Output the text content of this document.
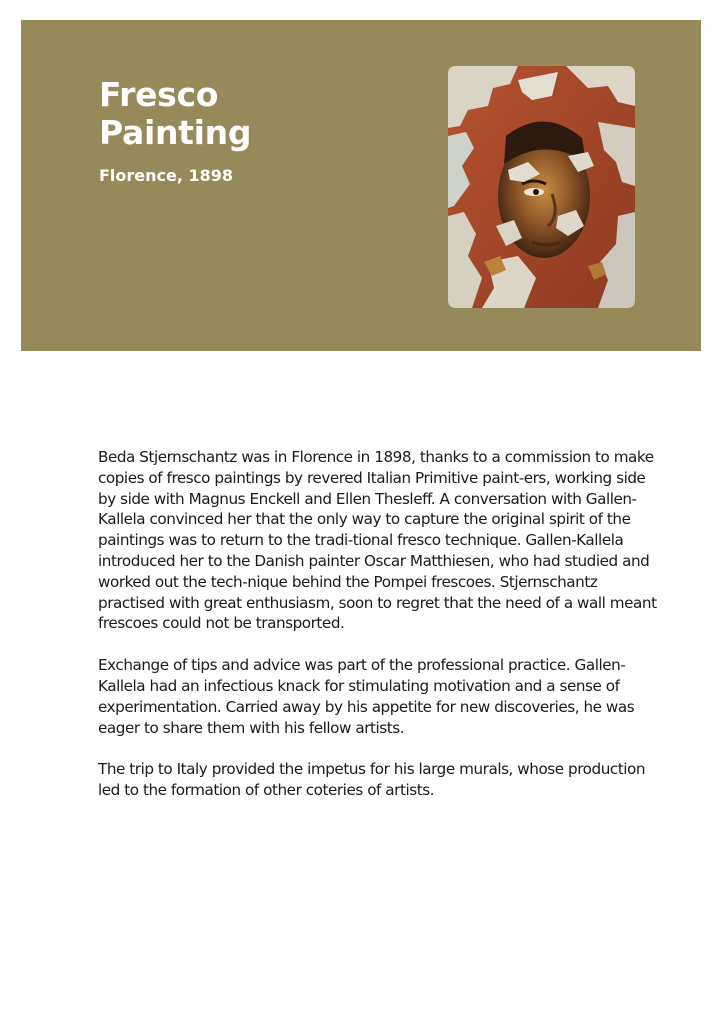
Fresco
Painting
Florence, 1898

Beda Stjernschantz was in Florence in 1898, thanks to a commission to make copies of fresco paintings by revered Italian Primitive paint-ers, working side by side with Magnus Enckell and Ellen Thesleff. A conversation with Gallen-Kallela convinced her that the only way to capture the original spirit of the paintings was to return to the tradi-tional fresco technique. Gallen-Kallela introduced her to the Danish painter Oscar Matthiesen, who had studied and worked out the tech-nique behind the Pompei frescoes. Stjernschantz practised with great enthusiasm, soon to regret that the need of a wall meant frescoes could not be transported.

Exchange of tips and advice was part of the professional practice. Gallen-Kallela had an infectious knack for stimulating motivation and a sense of experimentation. Carried away by his appetite for new discoveries, he was eager to share them with his fellow artists.

The trip to Italy provided the impetus for his large murals, whose production led to the formation of other coteries of artists.
